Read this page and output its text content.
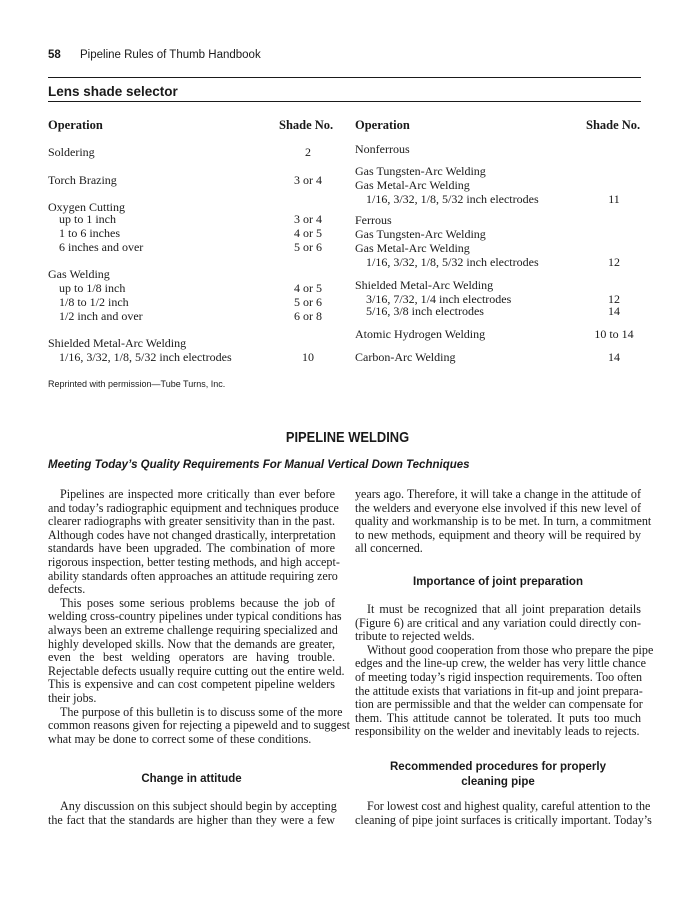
58 Pipeline Rules of Thumb Handbook
Lens shade selector
Operation	Shade No. Operation	Shade No.
Soldering	2
Torch Brazing	3 or 4
Oxygen Cutting
up to 1 inch	3 or 4
1 to 6 inches	4 or 5
6 inches and over	5 or 6
Gas Welding
up to 1/8 inch	4 or 5
1/8 to 1/2 inch	5 or 6
1/2 inch and over	6 or 8
Shielded Metal-Arc Welding
1/16, 3/32, 1/8, 5/32 inch electrodes	10
Nonferrous
Gas Tungsten-Arc Welding
Gas Metal-Arc Welding
1/16, 3/32, 1/8, 5/32 inch electrodes	11
Ferrous
Gas Tungsten-Arc Welding
Gas Metal-Arc Welding
1/16, 3/32, 1/8, 5/32 inch electrodes	12
Shielded Metal-Arc Welding
3/16, 7/32, 1/4 inch electrodes	12
5/16, 3/8 inch electrodes	14
Atomic Hydrogen Welding	10 to 14
Carbon-Arc Welding	14
Reprinted with permission—Tube Turns, Inc.
PIPELINE WELDING
Meeting Today’s Quality Requirements For Manual Vertical Down Techniques
Pipelines are inspected more critically than ever before
and today’s radiographic equipment and techniques produce
clearer radiographs with greater sensitivity than in the past.
Although codes have not changed drastically, interpretation
standards have been upgraded. The combination of more
rigorous inspection, better testing methods, and high accept-
ability standards often approaches an attitude requiring zero
defects.
This poses some serious problems because the job of
welding cross-country pipelines under typical conditions has
always been an extreme challenge requiring specialized and
highly developed skills. Now that the demands are greater,
even the best welding operators are having trouble.
Rejectable defects usually require cutting out the entire weld.
This is expensive and can cost competent pipeline welders
their jobs.
The purpose of this bulletin is to discuss some of the more
common reasons given for rejecting a pipeweld and to suggest
what may be done to correct some of these conditions.
Change in attitude
Any discussion on this subject should begin by accepting
the fact that the standards are higher than they were a few
years ago. Therefore, it will take a change in the attitude of
the welders and everyone else involved if this new level of
quality and workmanship is to be met. In turn, a commitment
to new methods, equipment and theory will be required by
all concerned.
Importance of joint preparation
It must be recognized that all joint preparation details
(Figure 6) are critical and any variation could directly con-
tribute to rejected welds.
Without good cooperation from those who prepare the pipe
edges and the line-up crew, the welder has very little chance
of meeting today’s rigid inspection requirements. Too often
the attitude exists that variations in fit-up and joint prepara-
tion are permissible and that the welder can compensate for
them. This attitude cannot be tolerated. It puts too much
responsibility on the welder and inevitably leads to rejects.
Recommended procedures for properly
cleaning pipe
For lowest cost and highest quality, careful attention to the
cleaning of pipe joint surfaces is critically important. Today’s
